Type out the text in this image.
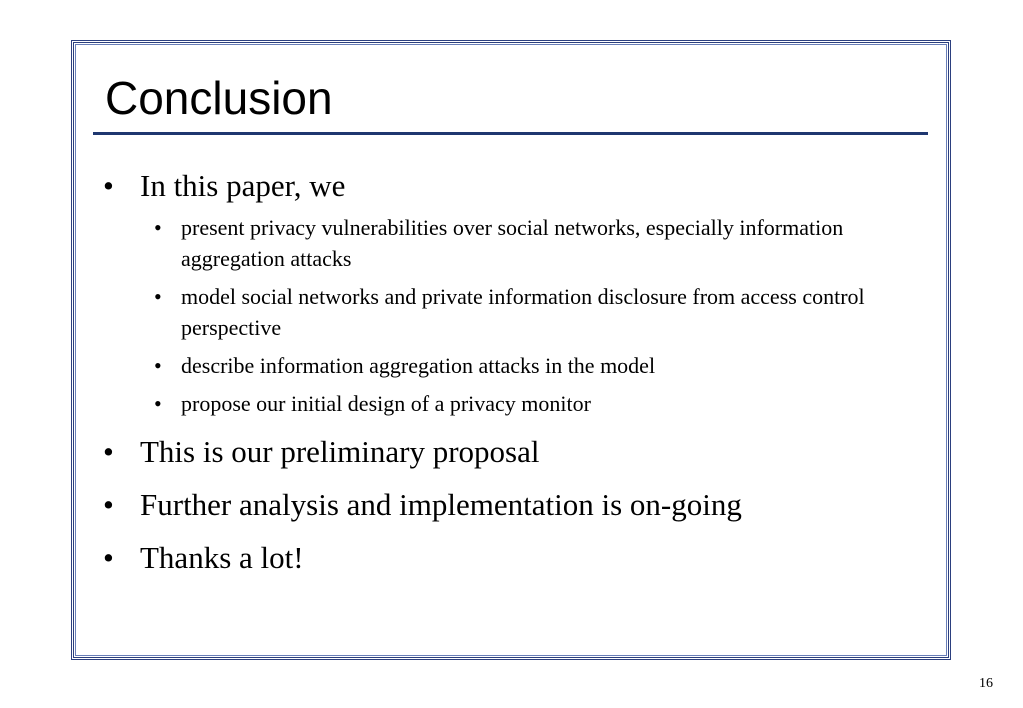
Conclusion
• In this paper, we
• present privacy vulnerabilities over social networks, especially information aggregation attacks
• model social networks and private information disclosure from access control perspective
• describe information aggregation attacks in the model
• propose our initial design of a privacy monitor
• This is our preliminary proposal
• Further analysis and implementation is on-going
• Thanks a lot!
16
